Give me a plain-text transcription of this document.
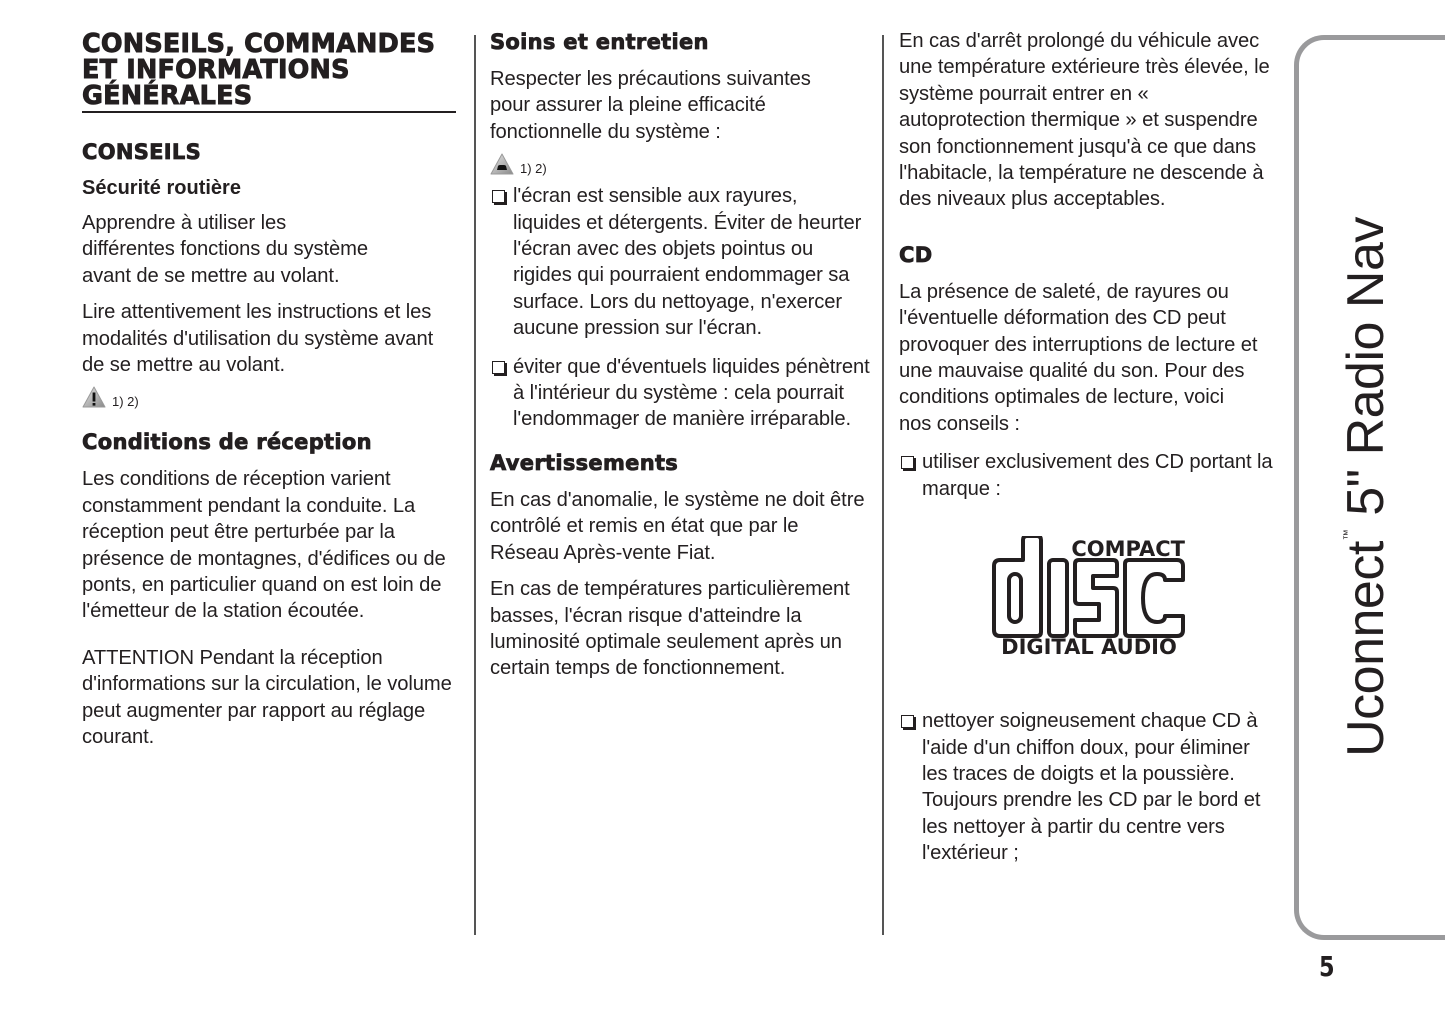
CONSEILS, COMMANDES ET INFORMATIONS GÉNÉRALES
CONSEILS
Sécurité routière

Apprendre à utiliser les différentes fonctions du système avant de se mettre au volant.

Lire attentivement les instructions et les modalités d'utilisation du système avant de se mettre au volant.

1) 2)
Conditions de réception

Les conditions de réception varient constamment pendant la conduite. La réception peut être perturbée par la présence de montagnes, d'édifices ou de ponts, en particulier quand on est loin de l'émetteur de la station écoutée.

ATTENTION Pendant la réception d'informations sur la circulation, le volume peut augmenter par rapport au réglage courant.

Soins et entretien

Respecter les précautions suivantes pour assurer la pleine efficacité fonctionnelle du système :

1) 2)
l'écran est sensible aux rayures, liquides et détergents. Éviter de heurter l'écran avec des objets pointus ou rigides qui pourraient endommager sa surface. Lors du nettoyage, n'exercer aucune pression sur l'écran.
éviter que d'éventuels liquides pénètrent à l'intérieur du système : cela pourrait l'endommager de manière irréparable.
Avertissements

En cas d'anomalie, le système ne doit être contrôlé et remis en état que par le Réseau Après-vente Fiat.

En cas de températures particulièrement basses, l'écran risque d'atteindre la luminosité optimale seulement après un certain temps de fonctionnement.

En cas d'arrêt prolongé du véhicule avec une température extérieure très élevée, le système pourrait entrer en « autoprotection thermique » et suspendre son fonctionnement jusqu'à ce que dans l'habitacle, la température ne descende à des niveaux plus acceptables.

CD

La présence de saleté, de rayures ou l'éventuelle déformation des CD peut provoquer des interruptions de lecture et une mauvaise qualité du son. Pour des conditions optimales de lecture, voici nos conseils :

utiliser exclusivement des CD portant la marque :
COMPACT
DIGITAL AUDIO
nettoyer soigneusement chaque CD à l'aide d'un chiffon doux, pour éliminer les traces de doigts et la poussière. Toujours prendre les CD par le bord et les nettoyer à partir du centre vers l'extérieur ;
Uconnect™ 5" Radio Nav
5
